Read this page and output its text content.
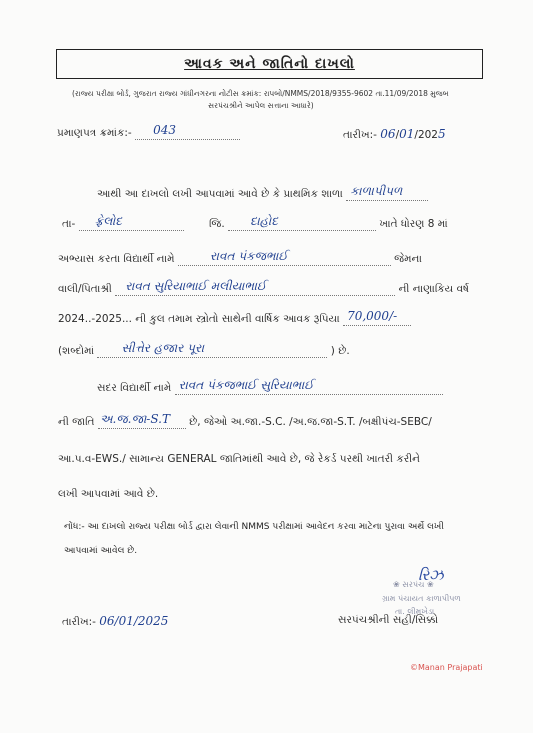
આવક અને જાતિનો દાખલો
(રાજ્ય પરીક્ષા બોર્ડ, ગુજરાત રાજ્ય ગાંધીનગરના નોટીસ ક્રમાંક: રાપબો/NMMS/2018/9355-9602 તા.11/09/2018 મુજબ
સરપંચશ્રીને આપેલ સત્તાના આધારે)
પ્રમાણપત્ર ક્રમાંક:- 043	તારીખ:- 06/01/2025
આથી આ દાખલો લખી આપવામાં આવે છે કે પ્રાથમિક શાળા કાળાપીપળ
તા- ફ્રેલોદ	જિ. દાહોદ	ખાતે ધોરણ 8 માં
અભ્યાસ કરતા વિદ્યાર્થી નામે	રાવત પંકજભાઈ	જેમના
વાલી/પિતાશ્રી રાવત સુરિયાભાઈ મલીયાભાઈ	ની નાણાકિય વર્ષ
2024..-2025... ની કુલ તમામ સ્ત્રોતો સાથેની વાર્ષિક આવક રૂપિયા 70,000/-
(શબ્દોમાં સીત્તેર હજાર પૂરા	) છે.
સદર વિદ્યાર્થી નામે રાવત પંકજભાઈ સુરિયાભાઈ
ની જાતિ અ.જ.જા-S.T છે, જેઓ અ.જા.-S.C. /અ.જ.જા-S.T. /બક્ષીપંચ-SEBC/
આ.પ.વ-EWS./ સામાન્ય GENERAL જાતિમાંથી આવે છે, જે રેકર્ડ પરથી ખાતરી કરીને
લખી આપવામાં આવે છે.
નોંધ:- આ દાખલો રાજ્ય પરીક્ષા બોર્ડ દ્વારા લેવાની NMMS પરીક્ષામાં આવેદન કરવા માટેના પુરાવા અર્થે લખી
આપવામાં આવેલ છે.
રિઝ
❀ સરપંચ ❀
ગ્રામ પંચાયત કાળાપીપળ
તા. લીમખેડા
તારીખ:- 06/01/2025	સરપંચશ્રીની સહી/સિક્કો
©Manan Prajapati
